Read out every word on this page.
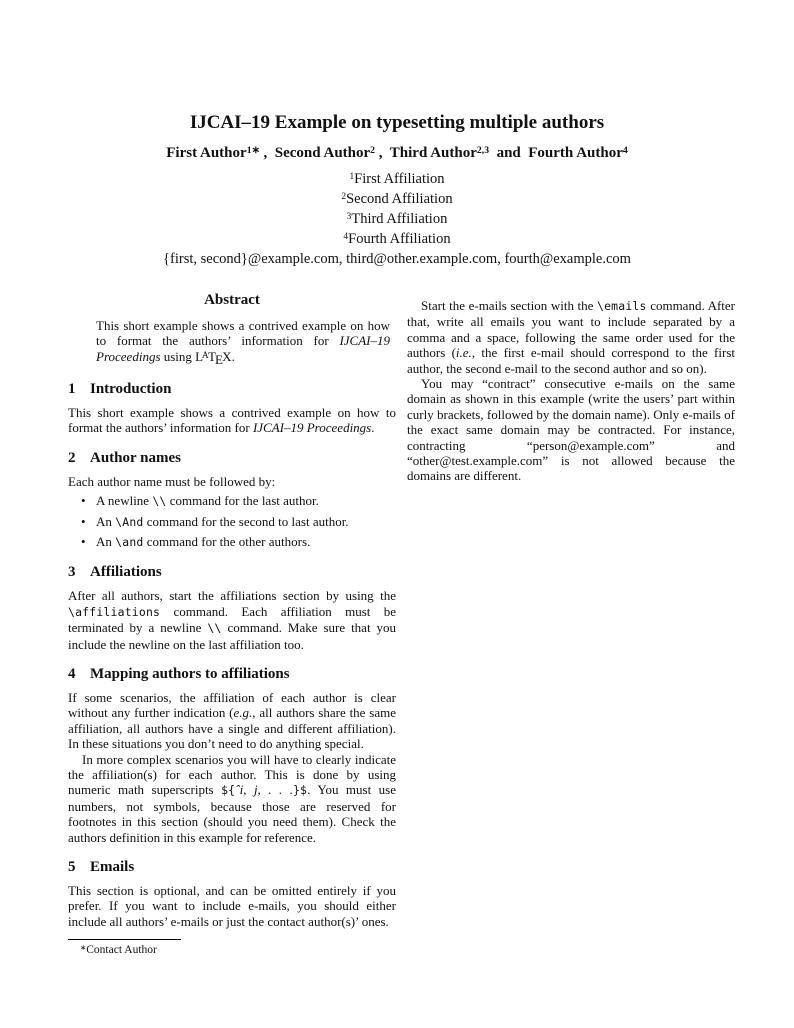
IJCAI–19 Example on typesetting multiple authors
First Author$^{1∗}$ ,  Second Author$^2$ ,  Third Author$^{2,3}$  and  Fourth Author$^4$
$^1$First Affiliation
$^2$Second Affiliation
$^3$Third Affiliation
$^4$Fourth Affiliation
{first, second}@example.com, third@other.example.com, fourth@example.com
Abstract
This short example shows a contrived example on how to format the authors’ information for IJCAI–19 Proceedings using $L^ATEX$.
1 Introduction

This short example shows a contrived example on how to format the authors’ information for IJCAI–19 Proceedings.

2 Author names

Each author name must be followed by:

• A newline \\ command for the last author.
• An \And command for the second to last author.
• An \and command for the other authors.
3 Affiliations

After all authors, start the affiliations section by using the \affiliations command. Each affiliation must be terminated by a newline \\ command. Make sure that you include the newline on the last affiliation too.

4 Mapping authors to affiliations

If some scenarios, the affiliation of each author is clear without any further indication (e.g., all authors share the same affiliation, all authors have a single and different affiliation). In these situations you don’t need to do anything special.

In more complex scenarios you will have to clearly indicate the affiliation(s) for each author. This is done by using numeric math superscripts ${ˆi, j, . . .}$. You must use numbers, not symbols, because those are reserved for footnotes in this section (should you need them). Check the authors definition in this example for reference.

5 Emails

This section is optional, and can be omitted entirely if you prefer. If you want to include e-mails, you should either include all authors’ e-mails or just the contact author(s)’ ones.

∗Contact Author

Start the e-mails section with the \emails command. After that, write all emails you want to include separated by a comma and a space, following the same order used for the authors (i.e., the first e-mail should correspond to the first author, the second e-mail to the second author and so on).

You may “contract” consecutive e-mails on the same domain as shown in this example (write the users’ part within curly brackets, followed by the domain name). Only e-mails of the exact same domain may be contracted. For instance, contracting “person@example.com” and “other@test.example.com” is not allowed because the domains are different.
